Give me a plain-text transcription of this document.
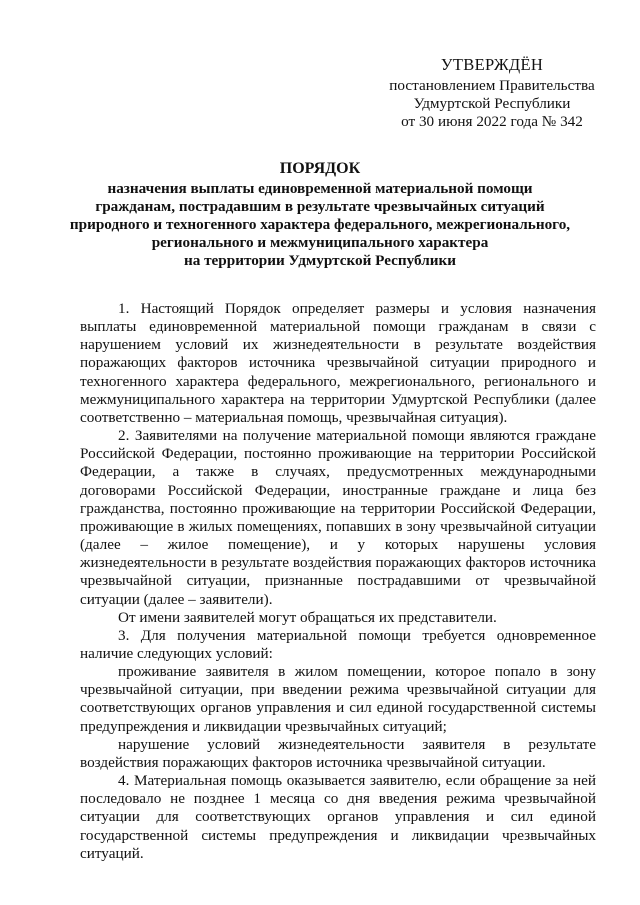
УТВЕРЖДЁН
постановлением Правительства
Удмуртской Республики
от 30 июня 2022 года № 342
ПОРЯДОК
назначения выплаты единовременной материальной помощи
гражданам, пострадавшим в результате чрезвычайных ситуаций
природного и техногенного характера федерального, межрегионального,
регионального и межмуниципального характера
на территории Удмуртской Республики

1. Настоящий Порядок определяет размеры и условия назначения выплаты единовременной материальной помощи гражданам в связи с нарушением условий их жизнедеятельности в результате воздействия поражающих факторов источника чрезвычайной ситуации природного и техногенного характера федерального, межрегионального, регионального и межмуниципального характера на территории Удмуртской Республики (далее соответственно – материальная помощь, чрезвычайная ситуация).

2. Заявителями на получение материальной помощи являются граждане Российской Федерации, постоянно проживающие на территории Российской Федерации, а также в случаях, предусмотренных международными договорами Российской Федерации, иностранные граждане и лица без гражданства, постоянно проживающие на территории Российской Федерации, проживающие в жилых помещениях, попавших в зону чрезвычайной ситуации (далее – жилое помещение), и у которых нарушены условия жизнедеятельности в результате воздействия поражающих факторов источника чрезвычайной ситуации, признанные пострадавшими от чрезвычайной ситуации (далее – заявители).

От имени заявителей могут обращаться их представители.

3. Для получения материальной помощи требуется одновременное наличие следующих условий:

проживание заявителя в жилом помещении, которое попало в зону чрезвычайной ситуации, при введении режима чрезвычайной ситуации для соответствующих органов управления и сил единой государственной системы предупреждения и ликвидации чрезвычайных ситуаций;

нарушение условий жизнедеятельности заявителя в результате воздействия поражающих факторов источника чрезвычайной ситуации.

4. Материальная помощь оказывается заявителю, если обращение за ней последовало не позднее 1 месяца со дня введения режима чрезвычайной ситуации для соответствующих органов управления и сил единой государственной системы предупреждения и ликвидации чрезвычайных ситуаций.
